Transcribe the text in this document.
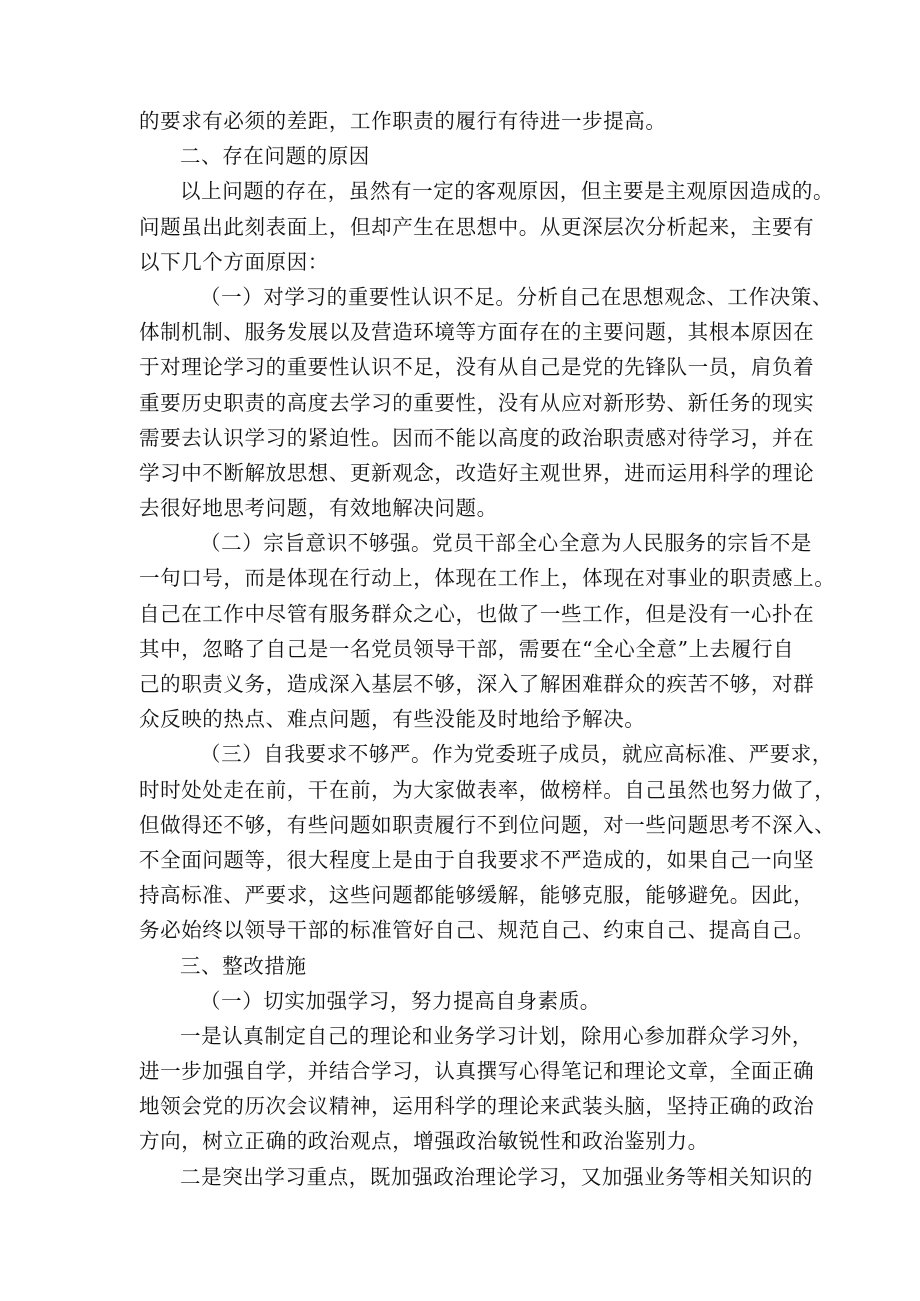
的要求有必须的差距，工作职责的履行有待进一步提高。
二、存在问题的原因
以上问题的存在，虽然有一定的客观原因，但主要是主观原因造成的。
问题虽出此刻表面上，但却产生在思想中。从更深层次分析起来，主要有
以下几个方面原因：
（一）对学习的重要性认识不足。分析自己在思想观念、工作决策、
体制机制、服务发展以及营造环境等方面存在的主要问题，其根本原因在
于对理论学习的重要性认识不足，没有从自己是党的先锋队一员，肩负着
重要历史职责的高度去学习的重要性，没有从应对新形势、新任务的现实
需要去认识学习的紧迫性。因而不能以高度的政治职责感对待学习，并在
学习中不断解放思想、更新观念，改造好主观世界，进而运用科学的理论
去很好地思考问题，有效地解决问题。
（二）宗旨意识不够强。党员干部全心全意为人民服务的宗旨不是
一句口号，而是体现在行动上，体现在工作上，体现在对事业的职责感上。
自己在工作中尽管有服务群众之心，也做了一些工作，但是没有一心扑在
其中，忽略了自己是一名党员领导干部，需要在“全心全意”上去履行自
己的职责义务，造成深入基层不够，深入了解困难群众的疾苦不够，对群
众反映的热点、难点问题，有些没能及时地给予解决。
（三）自我要求不够严。作为党委班子成员，就应高标准、严要求，
时时处处走在前，干在前，为大家做表率，做榜样。自己虽然也努力做了，
但做得还不够，有些问题如职责履行不到位问题，对一些问题思考不深入、
不全面问题等，很大程度上是由于自我要求不严造成的，如果自己一向坚
持高标准、严要求，这些问题都能够缓解，能够克服，能够避免。因此，
务必始终以领导干部的标准管好自己、规范自己、约束自己、提高自己。
三、整改措施
（一）切实加强学习，努力提高自身素质。
一是认真制定自己的理论和业务学习计划，除用心参加群众学习外，
进一步加强自学，并结合学习，认真撰写心得笔记和理论文章，全面正确
地领会党的历次会议精神，运用科学的理论来武装头脑，坚持正确的政治
方向，树立正确的政治观点，增强政治敏锐性和政治鉴别力。
二是突出学习重点，既加强政治理论学习，又加强业务等相关知识的
